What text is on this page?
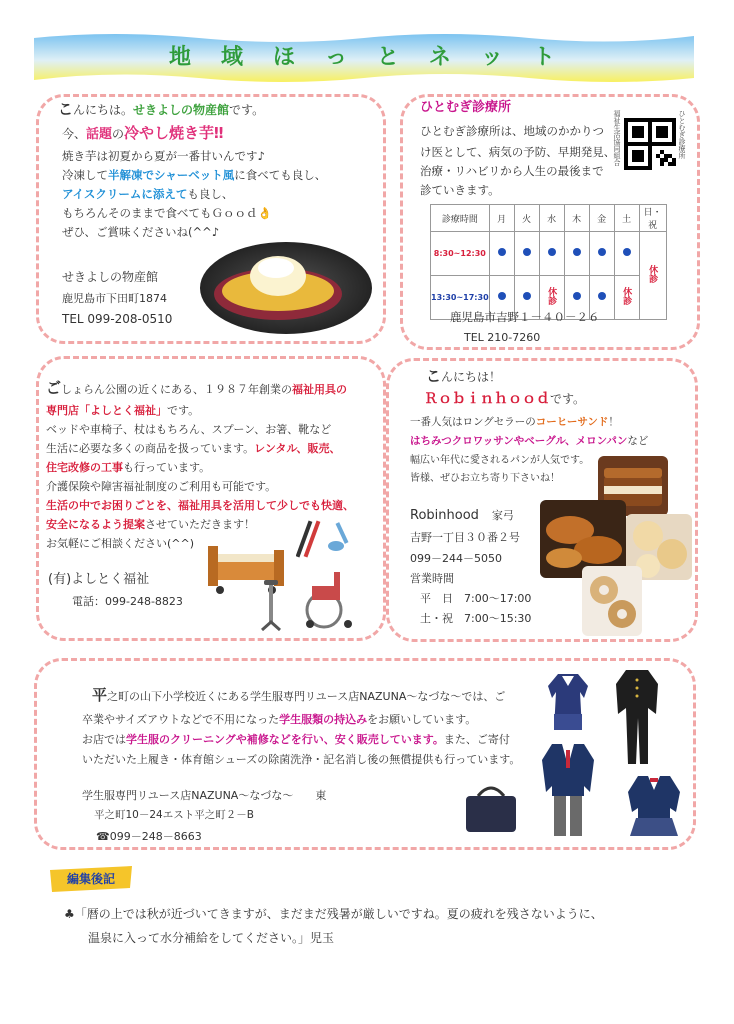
地　域　ほ　っ　と　ネ　ッ　ト
こんにちは。せきよしの物産館です。
今、話題の冷やし焼き芋‼
焼き芋は初夏から夏が一番甘いんです♪
冷凍して半解凍でシャーベット風に食べても良し、
アイスクリームに添えても良し、
もちろんそのままで食べてもＧｏｏｄ👌
ぜひ、ご賞味くださいね(^^♪
せきよしの物産館
鹿児島市下田町1874
TEL 099-208-0510
ひとむぎ診療所
ひとむぎ診療所は、地域のかかりつ
け医として、病気の予防、早期発見、
治療・リハビリから人生の最後まで
診ていきます。
ひとむぎ診療所
福祉生活協同組合
診療時間	月	火	水	木	金	土	日・祝
8:30~12:30							休診
13:30~17:30			休診			休診	
鹿児島市吉野１－４０－２６
TEL 210-7260
ごしょらん公園の近くにある、１９８７年創業の福祉用具の
専門店「よしとく福祉」です。
ベッドや車椅子、杖はもちろん、スプーン、お箸、靴など
生活に必要な多くの商品を扱っています。レンタル、販売、
住宅改修の工事も行っています。
介護保険や障害福祉制度のご利用も可能です。
生活の中でお困りごとを、福祉用具を活用して少しでも快適、
安全になるよう提案させていただきます！
お気軽にご相談ください(^^)
(有)よしとく福祉
電話：099-248-8823
こんにちは！
Ｒｏｂｉｎｈｏｏｄです。
一番人気はロングセラーのコーヒーサンド！
はちみつクロワッサンやベーグル、メロンパンなど
幅広い年代に愛されるパンが人気です。
皆様、ぜひお立ち寄り下さいね！
Robinhood　 家弓
吉野一丁目３０番２号
099－244－5050
営業時間
平　日　7:00～17:00
土・祝　7:00～15:30
平之町の山下小学校近くにある学生服専門リユース店NAZUNA〜なづな〜では、ご
卒業やサイズアウトなどで不用になった学生服類の持込みをお願いしています。
お店では学生服のクリーニングや補修などを行い、安く販売しています。また、ご寄付
いただいた上履き・体育館シューズの除菌洗浄・記名消し後の無償提供も行っています。
学生服専門リユース店NAZUNA〜なづな〜　　東
平之町10－24エスト平之町２－B
☎099－248－8663
編集後記
♣「暦の上では秋が近づいてきますが、まだまだ残暑が厳しいですね。夏の疲れを残さないように、
温泉に入って水分補給をしてください。」児玉
